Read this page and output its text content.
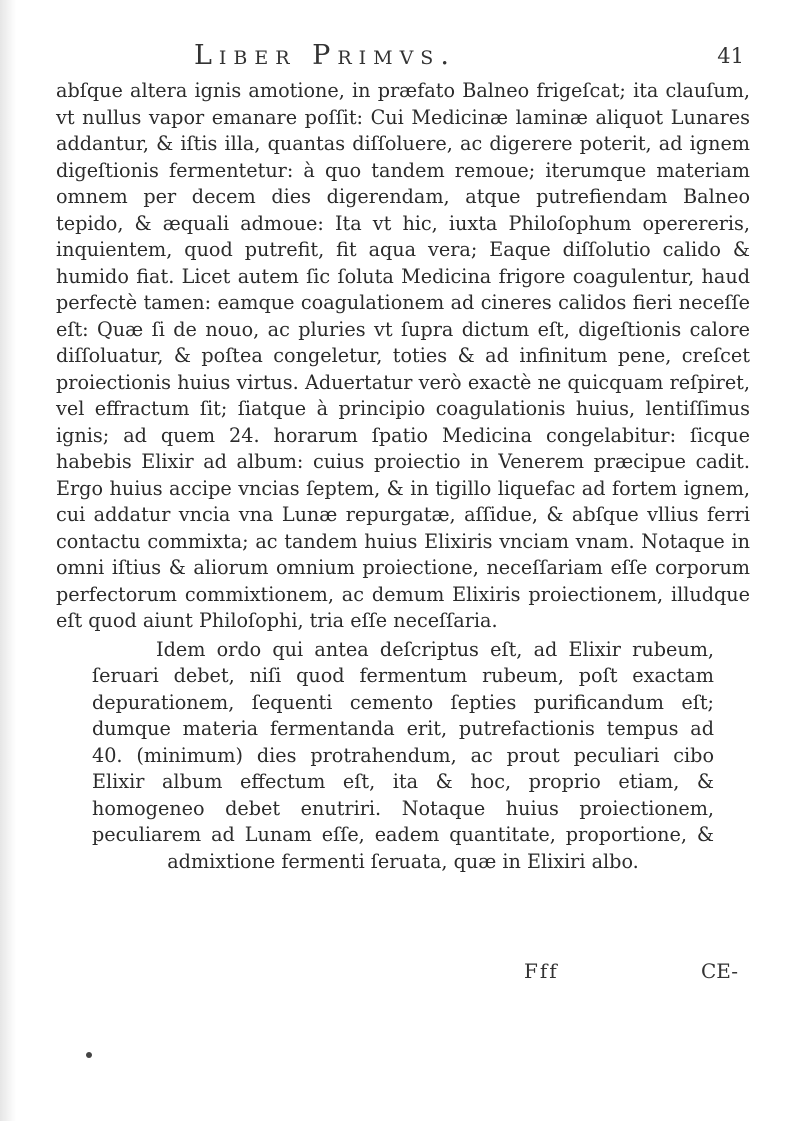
Liber Primvs.	41

abſque altera ignis amotione, in præfato Balneo frigeſcat; ita clauſum, vt nullus vapor emanare poſſit: Cui Medicinæ laminæ aliquot Lunares addantur, & iſtis illa, quantas diſſoluere, ac digerere poterit, ad ignem digeſtionis fermentetur: à quo tandem remoue; iterumque materiam omnem per decem dies digerendam, atque putrefiendam Balneo tepido, & æquali admoue: Ita vt hic, iuxta Philoſophum operereris, inquientem, quod putrefit, fit aqua vera; Eaque diſſolutio calido & humido fiat. Licet autem ſic ſoluta Medicina frigore coagulentur, haud perfectè tamen: eamque coagulationem ad cineres calidos fieri neceſſe eſt: Quæ ſi de nouo, ac pluries vt ſupra dictum eſt, digeſtionis calore diſſoluatur, & poſtea congeletur, toties & ad infinitum pene, creſcet proiectionis huius virtus. Aduertatur verò exactè ne quicquam reſpiret, vel effractum ſit; ſiatque à principio coagulationis huius, lentiſſimus ignis; ad quem 24. horarum ſpatio Medicina congelabitur: ſicque habebis Elixir ad album: cuius proiectio in Venerem præcipue cadit. Ergo huius accipe vncias ſeptem, & in tigillo liquefac ad fortem ignem, cui addatur vncia vna Lunæ repurgatæ, aſſidue, & abſque vllius ferri contactu commixta; ac tandem huius Elixiris vnciam vnam. Notaque in omni iſtius & aliorum omnium proiectione, neceſſariam eſſe corporum perfectorum commixtionem, ac demum Elixiris proiectionem, illudque eſt quod aiunt Philoſophi, tria eſſe neceſſaria.

Idem ordo qui antea deſcriptus eſt, ad Elixir rubeum, ſeruari debet, niſi quod fermentum rubeum, poſt exactam depurationem, ſequenti cemento ſepties purificandum eſt; dumque materia fermentanda erit, putrefactionis tempus ad 40. (minimum) dies protrahendum, ac prout peculiari cibo Elixir album effectum eſt, ita & hoc, proprio etiam, & homogeneo debet enutriri. Notaque huius proiectionem, peculiarem ad Lunam eſſe, eadem quantitate, proportione, & admixtione fermenti ſeruata, quæ in Elixiri albo.

Fff	CE-
